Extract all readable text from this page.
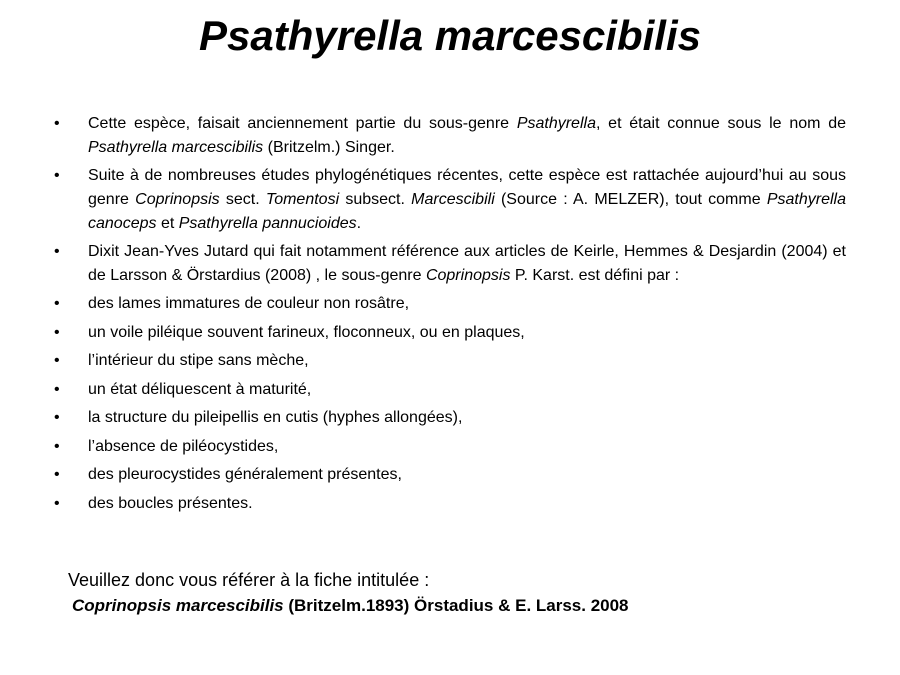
Psathyrella marcescibilis
• Cette espèce, faisait anciennement partie du sous-genre Psathyrella, et était connue sous le nom de Psathyrella marcescibilis (Britzelm.) Singer.
• Suite à de nombreuses études phylogénétiques récentes, cette espèce est rattachée aujourd’hui au sous genre Coprinopsis sect. Tomentosi subsect. Marcescibili (Source : A. MELZER), tout comme Psathyrella canoceps et Psathyrella pannucioides.
• Dixit Jean-Yves Jutard qui fait notamment référence aux articles de Keirle, Hemmes & Desjardin (2004) et de Larsson & Örstardius (2008) , le sous-genre Coprinopsis P. Karst. est défini par :
• des lames immatures de couleur non rosâtre,
• un voile piléique souvent farineux, floconneux, ou en plaques,
• l’intérieur du stipe sans mèche,
• un état déliquescent à maturité,
• la structure du pileipellis en cutis (hyphes allongées),
• l’absence de piléocystides,
• des pleurocystides généralement présentes,
• des boucles présentes.
Veuillez donc vous référer à la fiche intitulée :
Coprinopsis marcescibilis (Britzelm.1893) Örstadius & E. Larss. 2008
